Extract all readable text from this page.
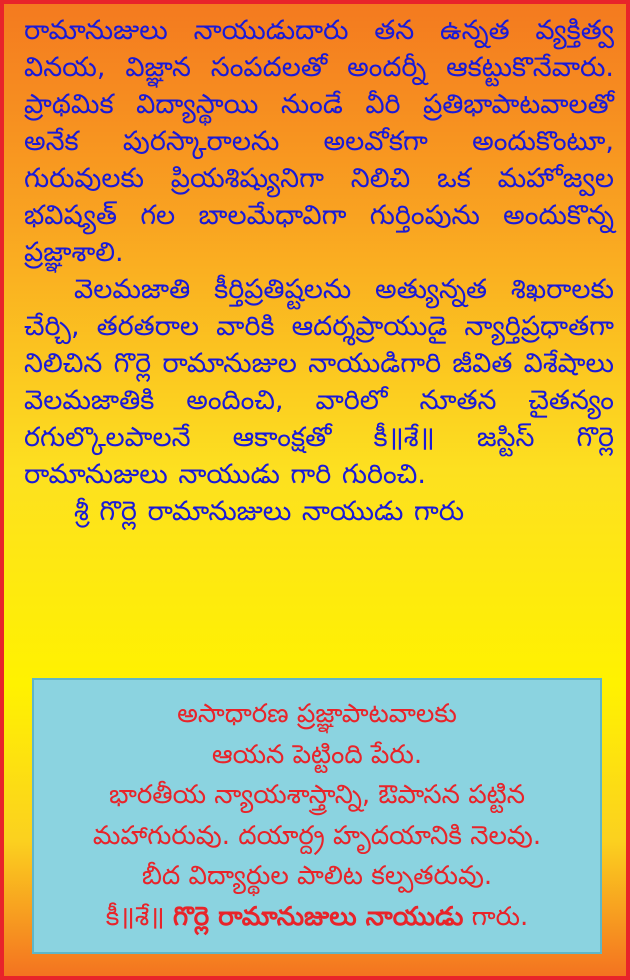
రామానుజులు నాయుడుదారు తన ఉన్నత వ్యక్తిత్వ వినయ, విజ్ఞాన సంపదలతో అందర్నీ ఆకట్టుకొనేవారు. ప్రాథమిక విద్యాస్థాయి నుండే వీరి ప్రతిభాపాటవాలతో అనేక పురస్కారాలను అలవోకగా అందుకొంటూ, గురువులకు ప్రియశిష్యునిగా నిలిచి ఒక మహోజ్వల భవిష్యత్ గల బాలమేధావిగా గుర్తింపును అందుకొన్న ప్రజ్ఞాశాలి.

వెలమజాతి కీర్తిప్రతిష్టలను అత్యున్నత శిఖరాలకు చేర్చి, తరతరాల వారికి ఆదర్శప్రాయుడై న్యార్తిప్రధాతగా నిలిచిన గొర్లె రామానుజుల నాయుడిగారి జీవిత విశేషాలు వెలమజాతికి అందించి, వారిలో నూతన చైతన్యం రగుల్కొలపాలనే ఆకాంక్షతో కీ॥శే॥ జస్టిస్ గొర్లె రామానుజులు నాయుడు గారి గురించి.

శ్రీ గొర్లె రామానుజులు నాయుడు గారు

అసాధారణ ప్రజ్ఞాపాటవాలకు
ఆయన పెట్టింది పేరు.
భారతీయ న్యాయశాస్త్రాన్ని, ఔపాసన పట్టిన
మహాగురువు. దయార్ద్ర హృదయానికి నెలవు.
బీద విద్యార్థుల పాలిట కల్పతరువు.
కీ॥శే॥ గొర్లె రామానుజులు నాయుడు గారు.
